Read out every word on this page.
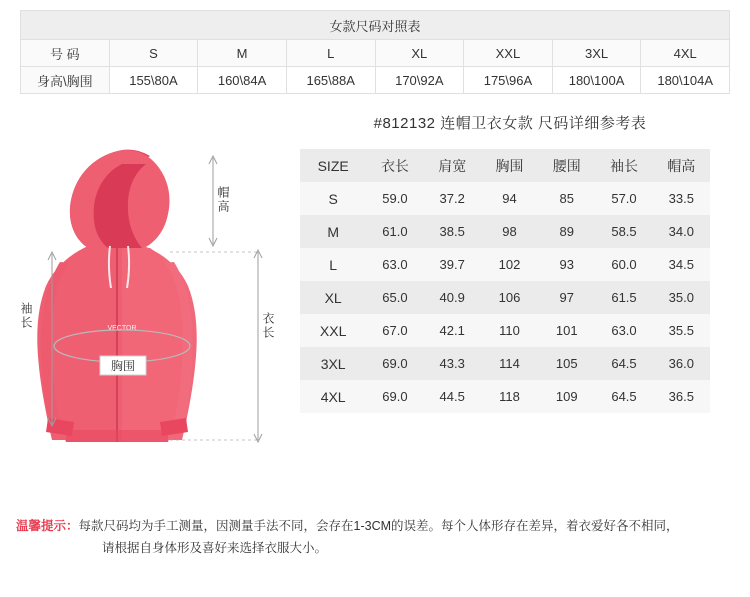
女款尺码对照表							
号 码	S	M	L	XL	XXL	3XL	4XL
身高\胸围	155\80A	160\84A	165\88A	170\92A	175\96A	180\100A	180\104A
#812132 连帽卫衣女款 尺码详细参考表
VECTOR
胸围
帽高
衣长
袖长
SIZE	衣长	肩宽	胸围	腰围	袖长	帽高
S	59.0	37.2	94	85	57.0	33.5
M	61.0	38.5	98	89	58.5	34.0
L	63.0	39.7	102	93	60.0	34.5
XL	65.0	40.9	106	97	61.5	35.0
XXL	67.0	42.1	110	101	63.0	35.5
3XL	69.0	43.3	114	105	64.5	36.0
4XL	69.0	44.5	118	109	64.5	36.5
温馨提示：每款尺码均为手工测量，因测量手法不同，会存在1-3CM的误差。每个人体形存在差异，着衣爱好各不相同，
请根据自身体形及喜好来选择衣服大小。
